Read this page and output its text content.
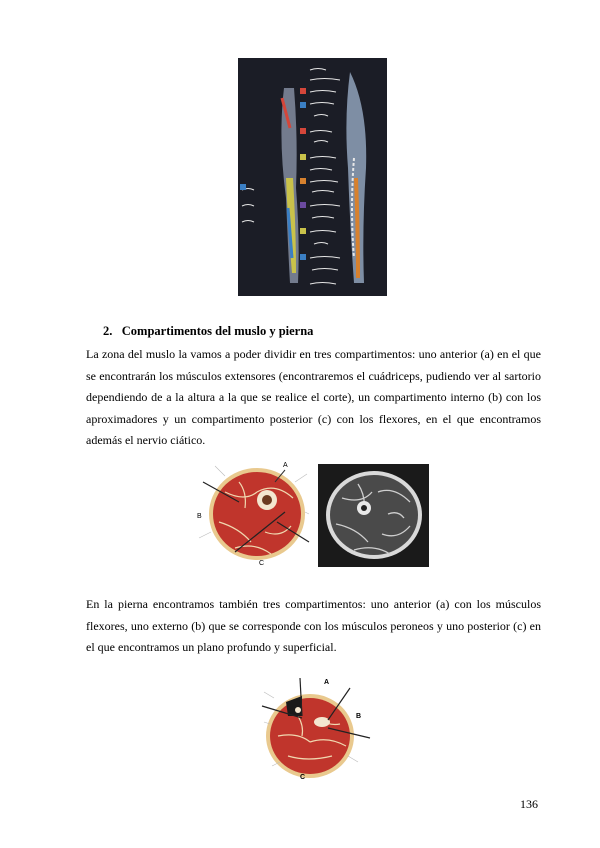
2. Compartimentos del muslo y pierna
La zona del muslo la vamos a poder dividir en tres compartimentos: uno anterior (a) en el que se encontrarán los músculos extensores (encontraremos el cuádriceps, pudiendo ver al sartorio dependiendo de a la altura a la que se realice el corte), un compartimento interno (b) con los aproximadores y un compartimento posterior (c) con los flexores, en el que encontramos además el nervio ciático.
A
B
C
En la pierna encontramos también tres compartimentos: uno anterior (a) con los músculos flexores, uno externo (b) que se corresponde con los músculos peroneos y uno posterior (c) en el que encontramos un plano profundo y superficial.
A
B
C
136
